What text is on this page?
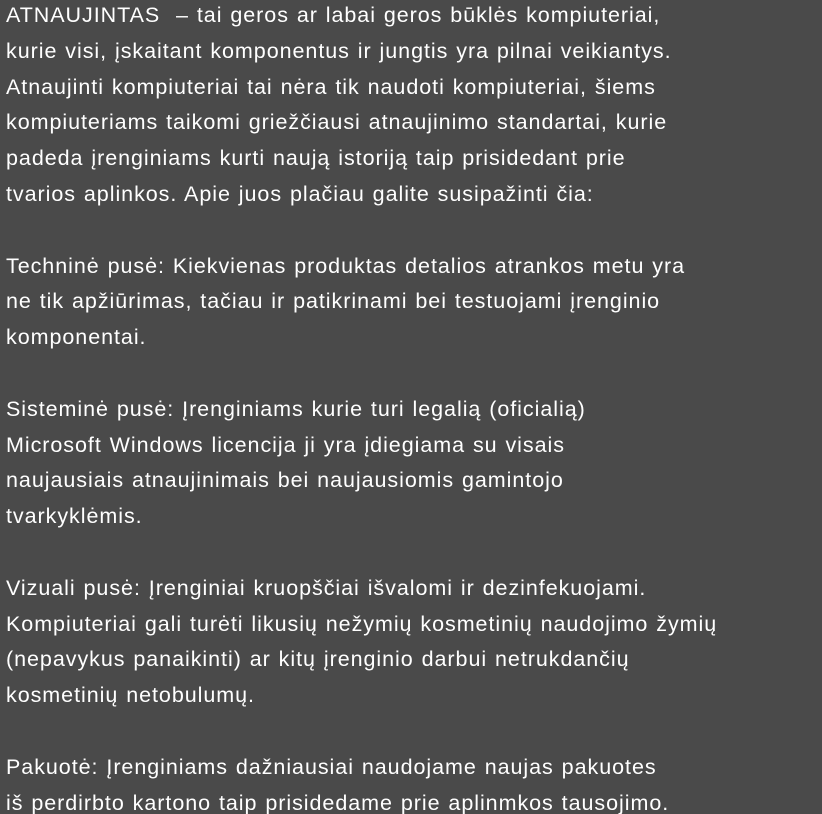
ATNAUJINTAS  – tai geros ar labai geros būklės kompiuteriai,
kurie visi, įskaitant komponentus ir jungtis yra pilnai veikiantys.
Atnaujinti kompiuteriai tai nėra tik naudoti kompiuteriai, šiems
kompiuteriams taikomi griežčiausi atnaujinimo standartai, kurie
padeda įrenginiams kurti naują istoriją taip prisidedant prie
tvarios aplinkos. Apie juos plačiau galite susipažinti čia:
Techninė pusė: Kiekvienas produktas detalios atrankos metu yra
ne tik apžiūrimas, tačiau ir patikrinami bei testuojami įrenginio
komponentai.
Sisteminė pusė: Įrenginiams kurie turi legalią (oficialią)
Microsoft Windows licencija ji yra įdiegiama su visais
naujausiais atnaujinimais bei naujausiomis gamintojo
tvarkyklėmis.
Vizuali pusė: Įrenginiai kruopščiai išvalomi ir dezinfekuojami.
Kompiuteriai gali turėti likusių nežymių kosmetinių naudojimo žymių
(nepavykus panaikinti) ar kitų įrenginio darbui netrukdančių
kosmetinių netobulumų.
Pakuotė: Įrenginiams dažniausiai naudojame naujas pakuotes
iš perdirbto kartono taip prisidedame prie aplinmkos tausojimo.
